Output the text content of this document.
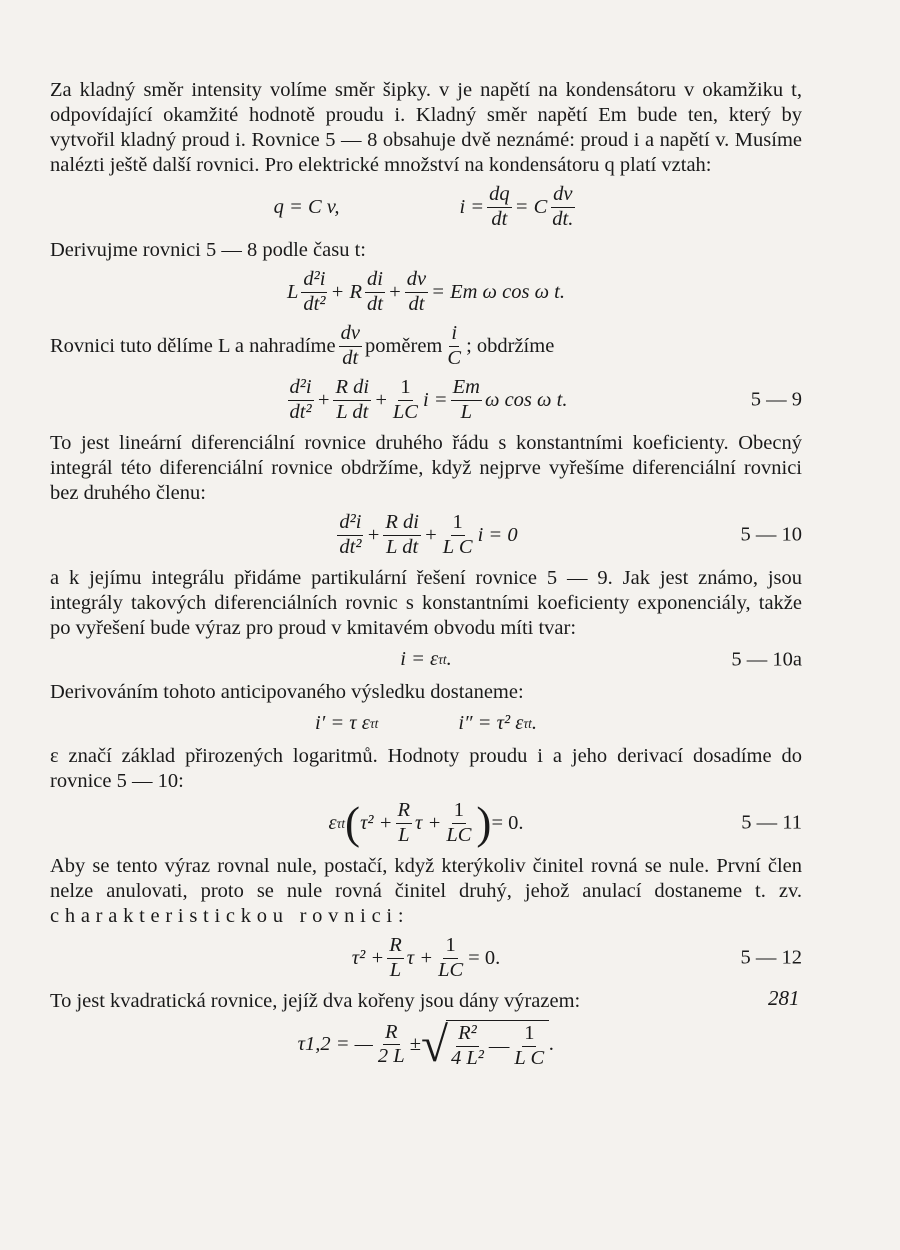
Za kladný směr intensity volíme směr šipky. v je napětí na kondensátoru v okamžiku t, odpovídající okamžité hodnotě proudu i. Kladný směr napětí Em bude ten, který by vytvořil kladný proud i. Rovnice 5 — 8 obsahuje dvě neznámé: proud i a napětí v. Musíme nalézti ještě další rovnici. Pro elektrické množství na kondensátoru q platí vztah:

q = C v,	$i = \frac{dq}{dt} = C \frac{dv}{dt.}$

Derivujme rovnici 5 — 8 podle času t:

L $\frac{\text{d²i}}{\text{dt²}} + R \frac{di}{dt} + \frac{dv}{dt} = Em$ ω cos ω t.
Rovnici tuto dělíme L a nahradíme $\frac{dv}{dt}$ poměrem $\frac{i}{C}$ ; obdržíme
$\frac{\text{d²i}}{\text{dt²}} + \frac{\text{R di}}{\text{L dt}} + \frac{1}{LC}$ $i = \frac{Em}{L}$ ω cos ω t.	5 — 9

To jest lineární diferenciální rovnice druhého řádu s konstantními koeficienty. Obecný integrál této diferenciální rovnice obdržíme, když nejprve vyřešíme diferenciální rovnici bez druhého členu:

$\frac{\text{d²i}}{\text{dt²}} + \frac{\text{R di}}{\text{L dt}} + \frac{1}{\text{L C}}$ i = 0	5 — 10

a k jejímu integrálu přidáme partikulární řešení rovnice 5 — 9. Jak jest známo, jsou integrály takových diferenciálních rovnic s konstantními koeficienty exponenciály, takže po vyřešení bude výraz pro proud v kmitavém obvodu míti tvar:

i = ε τt .	5 — 10a

Derivováním tohoto anticipovaného výsledku dostaneme:

i′ = τ ε τt	i″ = τ² ε τt .

ε značí základ přirozených logaritmů. Hodnoty proudu i a jeho derivací dosadíme do rovnice 5 — 10:

ε τt ( $\tau^2 + \frac{R}{L}$ $\tau + \frac{1}{LC}$ ) = 0.	5 — 11

Aby se tento výraz rovnal nule, postačí, když kterýkoliv činitel rovná se nule. První člen nelze anulovati, proto se nule rovná činitel druhý, jehož anulací dostaneme t. zv. charakteristickou rovnici:

$\tau^2 + \frac{R}{L}$ $\tau + \frac{1}{LC} = 0$.	5 — 12

To jest kvadratická rovnice, jejíž dva kořeny jsou dány výrazem:

τ1,2 = — $\frac{R}{2 L}$ ± √ $\frac{\text{R²}}{\text{4 L²}}$ — $\frac{1}{\text{L C}}$ .
281
